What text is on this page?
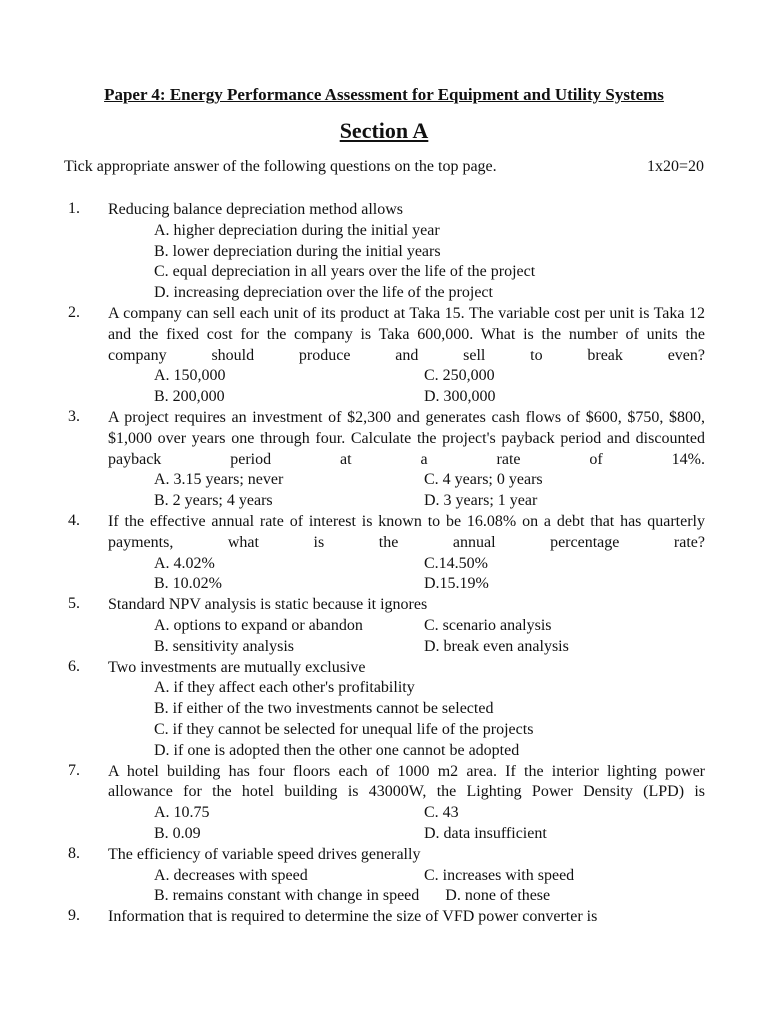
Paper 4: Energy Performance Assessment for Equipment and Utility Systems
Section A
Tick appropriate answer of the following questions on the top page.	1x20=20
1.	Reducing balance depreciation method allows
A. higher depreciation during the initial year
B. lower depreciation during the initial years
C. equal depreciation in all years over the life of the project
D. increasing depreciation over the life of the project
2.	A company can sell each unit of its product at Taka 15. The variable cost per unit is Taka 12 and the fixed cost for the company is Taka 600,000. What is the number of units the company should produce and sell to break even?
A. 150,000	C. 250,000
B. 200,000	D. 300,000
3.	A project requires an investment of $2,300 and generates cash flows of $600, $750, $800, $1,000 over years one through four. Calculate the project's payback period and discounted payback period at a rate of 14%.
A. 3.15 years; never	C. 4 years; 0 years
B. 2 years; 4 years	D. 3 years; 1 year
4.	If the effective annual rate of interest is known to be 16.08% on a debt that has quarterly payments, what is the annual percentage rate?
A. 4.02%	C.14.50%
B. 10.02%	D.15.19%
5.	Standard NPV analysis is static because it ignores
A. options to expand or abandon	C. scenario analysis
B. sensitivity analysis	D. break even analysis
6.	Two investments are mutually exclusive
A. if they affect each other's profitability
B. if either of the two investments cannot be selected
C. if they cannot be selected for unequal life of the projects
D. if one is adopted then the other one cannot be adopted
7.	A hotel building has four floors each of 1000 m2 area. If the interior lighting power allowance for the hotel building is 43000W, the Lighting Power Density (LPD) is
A. 10.75	C. 43
B. 0.09	D. data insufficient
8.	The efficiency of variable speed drives generally
A. decreases with speed	C. increases with speed
B. remains constant with change in speed D. none of these
9.	Information that is required to determine the size of VFD power converter is
